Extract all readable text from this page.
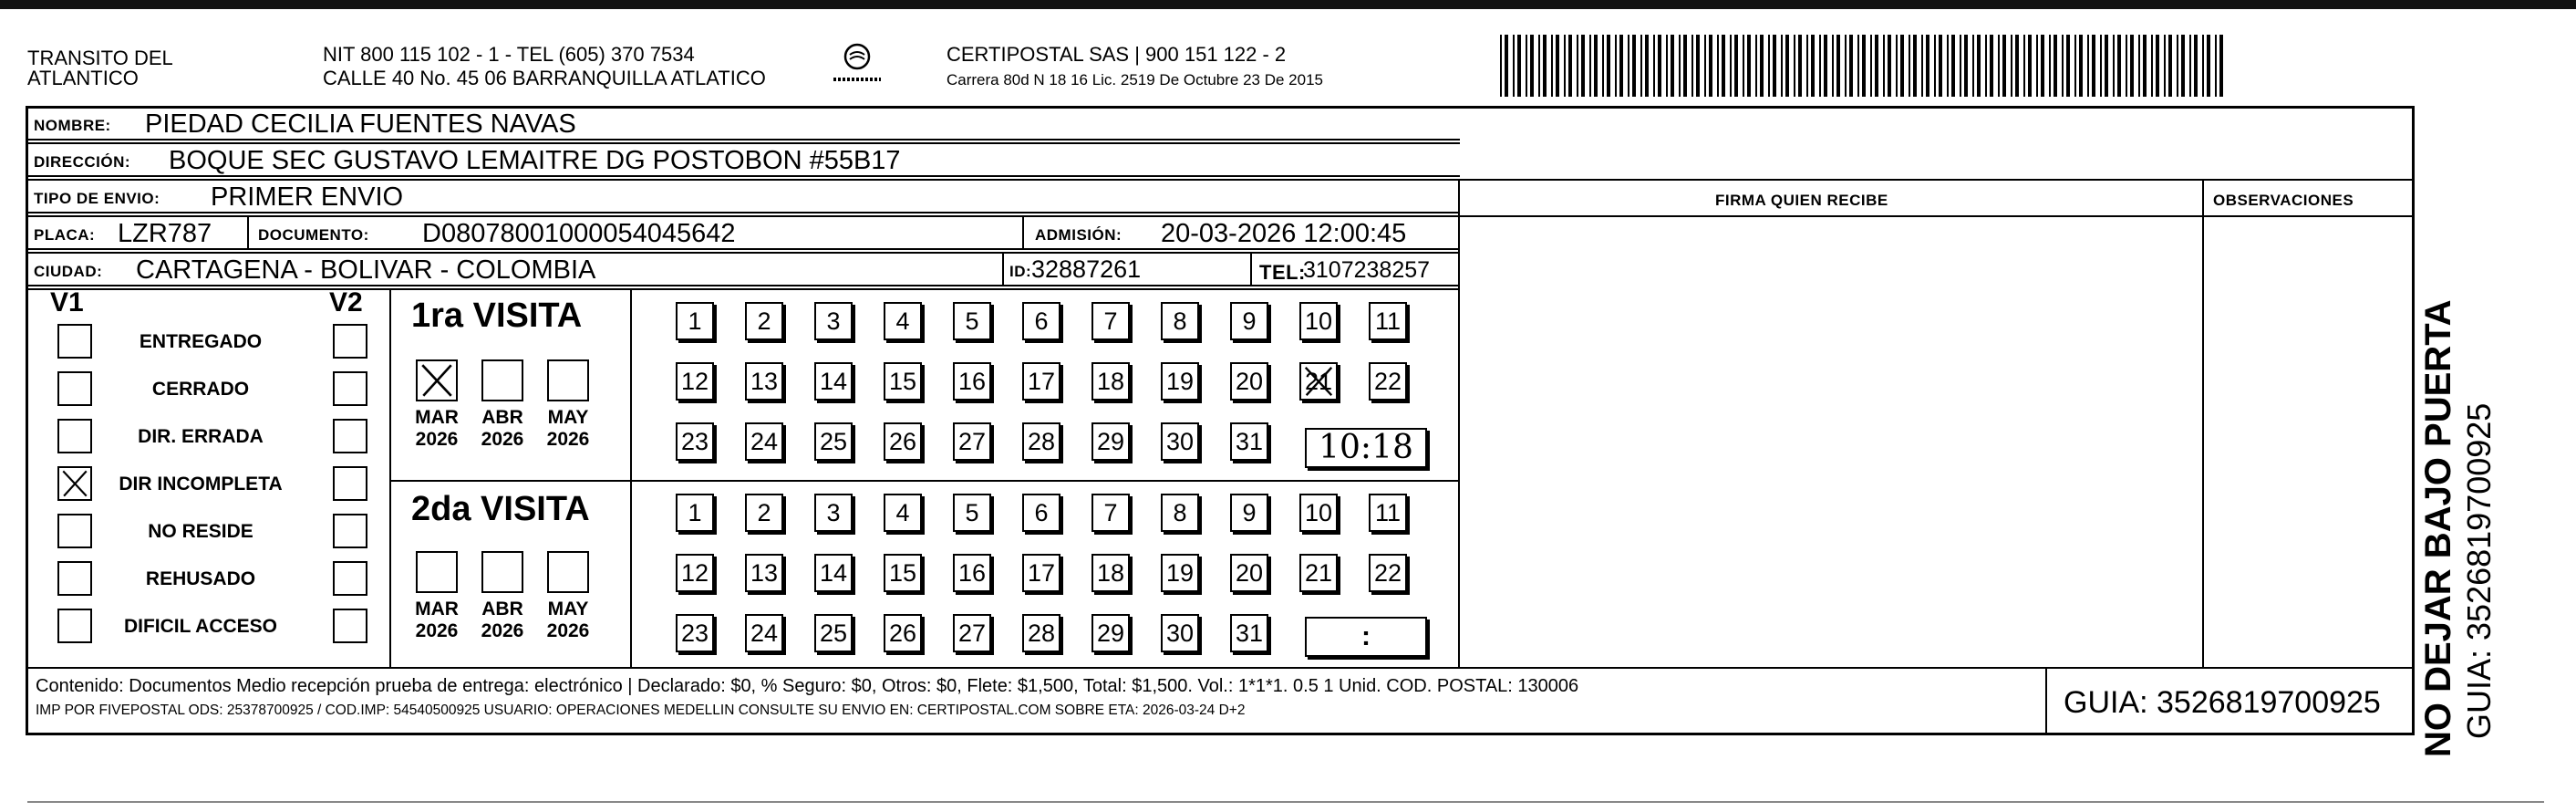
TRANSITO DEL
ATLANTICO
NIT 800 115 102 - 1 - TEL (605) 370 7534
CALLE 40 No. 45 06 BARRANQUILLA ATLATICO
CERTIPOSTAL SAS | 900 151 122 - 2
Carrera 80d N 18 16 Lic. 2519 De Octubre 23 De 2015
NOMBRE: PIEDAD CECILIA FUENTES NAVAS
DIRECCIÓN: BOQUE SEC GUSTAVO LEMAITRE DG POSTOBON #55B17
TIPO DE ENVIO: PRIMER ENVIO	FIRMA QUIEN RECIBE	OBSERVACIONES
PLACA: LZR787	DOCUMENTO: D08078001000054045642	ADMISIÓN: 20-03-2026 12:00:45
CIUDAD: CARTAGENA - BOLIVAR - COLOMBIA	ID: 32887261	TEL:
3107238257
V1	V2
ENTREGADO
CERRADO
DIR. ERRADA
DIR INCOMPLETA
NO RESIDE
REHUSADO
DIFICIL ACCESO
1ra VISITA
2da VISITA
MAR
2026
ABR
2026
MAY
2026
MAR
2026
ABR
2026
MAY
2026
1	2	3	4	5	6	7	8	9	10 11
12 13 14 15 16 17 18 19 20 21 22
23 24 25 26 27 28 29 30 31
1	2	3	4	5	6	7	8	9	10 11
12 13 14 15 16 17 18 19 20 21 22
23 24 25 26 27 28 29 30 31
10:18
:
Contenido: Documentos Medio recepción prueba de entrega: electrónico | Declarado: $0, % Seguro: $0, Otros: $0, Flete: $1,500, Total: $1,500. Vol.: 1*1*1. 0.5 1 Unid. COD. POSTAL: 130006
IMP POR FIVEPOSTAL ODS: 25378700925 / COD.IMP: 54540500925 USUARIO: OPERACIONES MEDELLIN CONSULTE SU ENVIO EN: CERTIPOSTAL.COM SOBRE ETA: 2026-03-24 D+2	GUIA: 3526819700925 NO DEJAR BAJO PUERTA GUIA: 3526819700925
